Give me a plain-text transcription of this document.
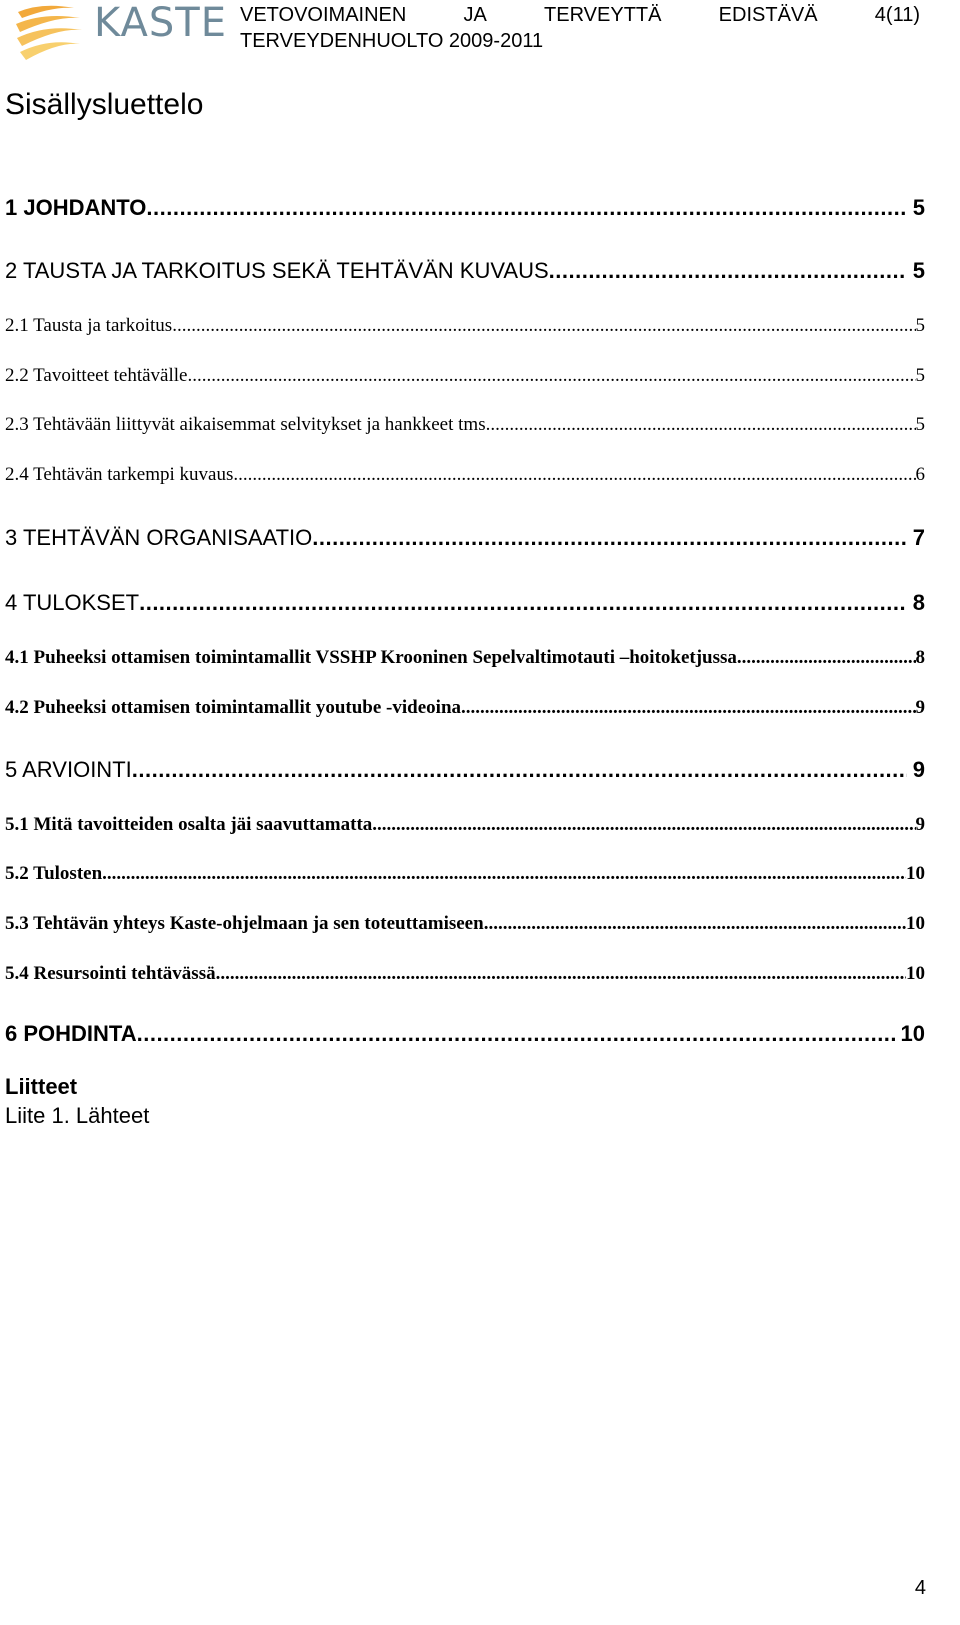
KASTE VETOVOIMAINEN	JA	TERVEYTTÄ	EDISTÄVÄ	4(11)
TERVEYDENHUOLTO 2009-2011
Sisällysluettelo
1 JOHDANTO .....	5
2 TAUSTA JA TARKOITUS SEKÄ TEHTÄVÄN KUVAUS .....	5
2.1 Tausta ja tarkoitus .....	5
2.2 Tavoitteet tehtävälle .....	5
2.3 Tehtävään liittyvät aikaisemmat selvitykset ja hankkeet tms. .....	5
2.4 Tehtävän tarkempi kuvaus .....	6
3 TEHTÄVÄN ORGANISAATIO .....	7
4 TULOKSET .....	8
4.1 Puheeksi ottamisen toimintamallit VSSHP Krooninen Sepelvaltimotauti –hoitoketjussa .....	8
4.2 Puheeksi ottamisen toimintamallit youtube -videoina .....	9
5 ARVIOINTI .....	9
5.1 Mitä tavoitteiden osalta jäi saavuttamatta .....	9
5.2 Tulosten .....	10
5.3 Tehtävän yhteys Kaste-ohjelmaan ja sen toteuttamiseen .....	10
5.4 Resursointi tehtävässä .....	10
6 POHDINTA .....	10
Liitteet
Liite 1. Lähteet
4
